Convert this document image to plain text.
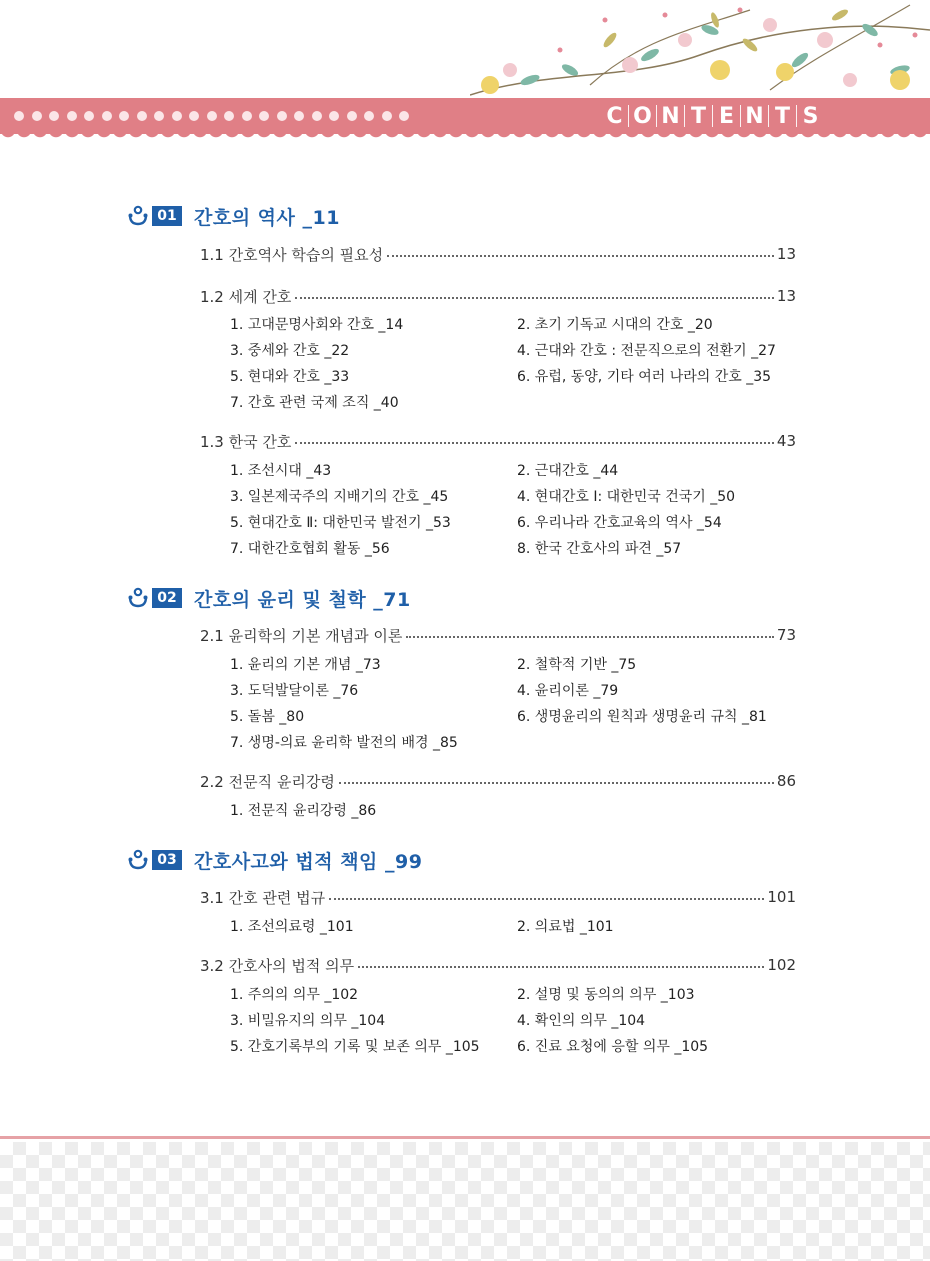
C O N T E N T S
01 간호의 역사 _11
1.1 간호역사 학습의 필요성	13
1.2 세계 간호	13
1. 고대문명사회와 간호 _14	2. 초기 기독교 시대의 간호 _20
3. 중세와 간호 _22	4. 근대와 간호 : 전문직으로의 전환기 _27
5. 현대와 간호 _33	6. 유럽, 동양, 기타 여러 나라의 간호 _35
7. 간호 관련 국제 조직 _40
1.3 한국 간호	43
1. 조선시대 _43	2. 근대간호 _44
3. 일본제국주의 지배기의 간호 _45	4. 현대간호 Ⅰ: 대한민국 건국기 _50
5. 현대간호 Ⅱ: 대한민국 발전기 _53	6. 우리나라 간호교육의 역사 _54
7. 대한간호협회 활동 _56	8. 한국 간호사의 파견 _57
02 간호의 윤리 및 철학 _71
2.1 윤리학의 기본 개념과 이론	73
1. 윤리의 기본 개념 _73	2. 철학적 기반 _75
3. 도덕발달이론 _76	4. 윤리이론 _79
5. 돌봄 _80	6. 생명윤리의 원칙과 생명윤리 규칙 _81
7. 생명-의료 윤리학 발전의 배경 _85
2.2 전문직 윤리강령	86
1. 전문직 윤리강령 _86
03 간호사고와 법적 책임 _99
3.1 간호 관련 법규	101
1. 조선의료령 _101	2. 의료법 _101
3.2 간호사의 법적 의무	102
1. 주의의 의무 _102	2. 설명 및 동의의 의무 _103
3. 비밀유지의 의무 _104	4. 확인의 의무 _104
5. 간호기록부의 기록 및 보존 의무 _105	6. 진료 요청에 응할 의무 _105
